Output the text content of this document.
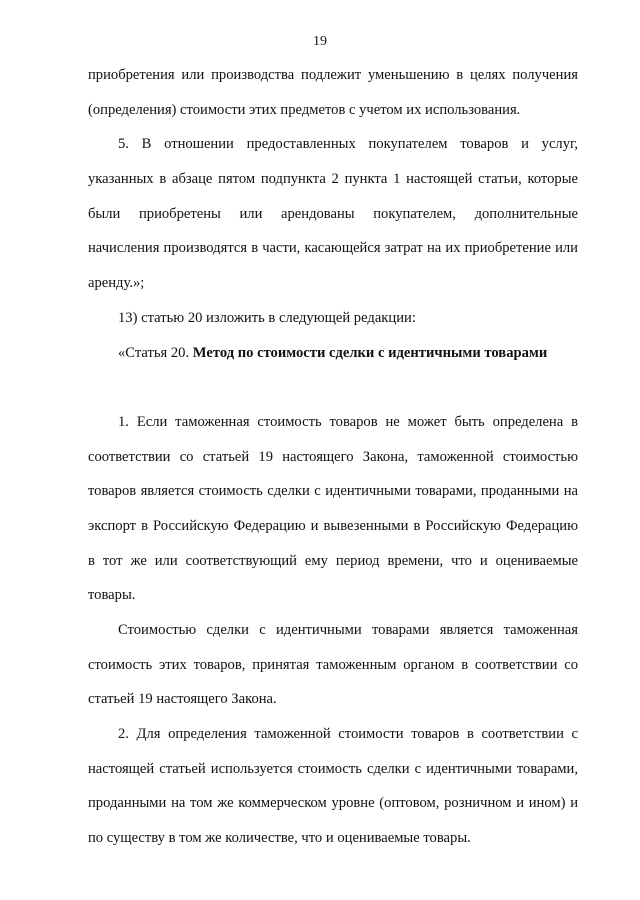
19
приобретения или производства подлежит уменьшению в целях получения
(определения) стоимости этих предметов с учетом их использования.
5. В отношении предоставленных покупателем товаров и услуг,
указанных в абзаце пятом подпункта 2 пункта 1 настоящей статьи, которые
были приобретены или арендованы покупателем, дополнительные
начисления производятся в части, касающейся затрат на их приобретение или
аренду.»;
13) статью 20 изложить в следующей редакции:
«Статья 20. Метод по стоимости сделки с идентичными товарами
1. Если таможенная стоимость товаров не может быть определена в
соответствии со статьей 19 настоящего Закона, таможенной стоимостью
товаров является стоимость сделки с идентичными товарами, проданными на
экспорт в Российскую Федерацию и вывезенными в Российскую Федерацию
в тот же или соответствующий ему период времени, что и оцениваемые
товары.
Стоимостью сделки с идентичными товарами является таможенная
стоимость этих товаров, принятая таможенным органом в соответствии со
статьей 19 настоящего Закона.
2. Для определения таможенной стоимости товаров в соответствии с
настоящей статьей используется стоимость сделки с идентичными товарами,
проданными на том же коммерческом уровне (оптовом, розничном и ином) и
по существу в том же количестве, что и оцениваемые товары.
